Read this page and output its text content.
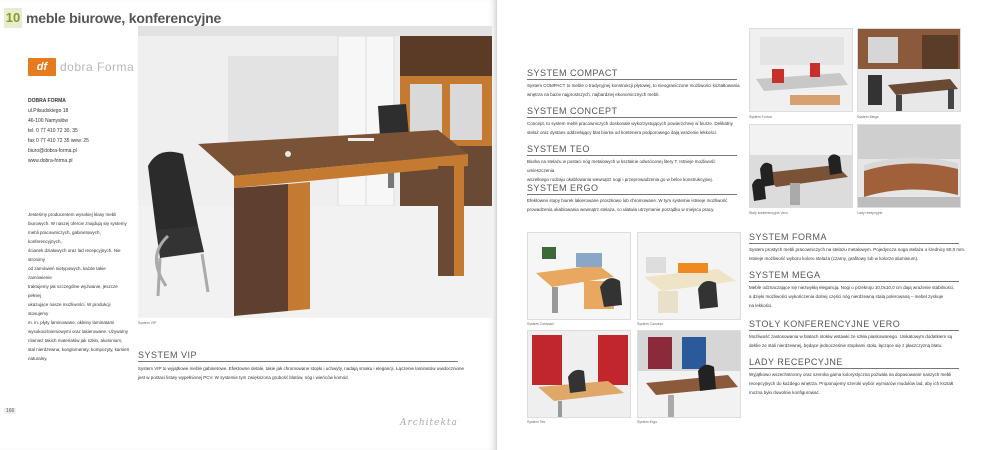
10 meble biurowe, konferencyjne
df	dobra Forma
DOBRA FORMA
ul.Piłsudskiego 18
46-100 Namysłów
tel. 0 77 410 72 30, 35
fax 0 77 410 72 35 wew. 25
biuro@dobra-forma.pl
www.dobra-forma.pl
Jesteśmy producentem wysokiej klasy mebli
biurowych. W naszej ofercie znajdują się systemy
mebli pracowniczych, gabinetowych, konferencyjnych,
ścianek działowych oraz lad recepcyjnych. Nie stronimy
od zamówień nietypowych, każde takie zamówienie
traktujemy jak szczególne wyzwanie, jeszcze pełniej
ukazujące nasze możliwości. W produkcji stosujemy
m. in. płyty laminowane, okleiny laminatami
wysokociśnieniowymi oraz lakierowane. Używamy
również takich materiałów jak szkło, aluminium,
stal nierdzewna, konglomeraty, kompozyty, kamień
naturalny.
System VIP
SYSTEM VIP
System VIP to wyjątkowe meble gabinetowe. Efektowne detale, takie jak chromowane stopki i uchwyty, nadają smaku i elegancji. Łączenie laminatów uwidocznione
jest w postaci listwy wypełnionej PCV. W systemie tym zwiększona grubość blatów, nóg i wieńców komód.
166
Architekta
SYSTEM COMPACT
System COMPACT to meble o tradycyjnej konstrukcji płytowej, to nieograniczone możliwości kształtowania
wnętrza na bazie najprostszych, najbardziej ekonomicznych mebli.
SYSTEM CONCEPT
Concept, to system mebli pracowniczych doskonale wykorzystujących powierzchnię w biurze. Delikatny
stelaż oraz dystans oddzielający blat biurka od kontenera podporowego dają wrażenie lekkości.
SYSTEM TEO
Biurka na stelażu w postaci nóg metalowych w kształcie odwróconej litery T. Istnieje możliwość umieszczenia
wszelkiego rodzaju okablowania wewnątrz nogi i przeprowadzenia go w belce konstrukcyjnej.
SYSTEM ERGO
Efektowne stopy biurek lakierowane proszkowo lub chromowane. W tym systemie istnieje możliwość
prowadzenia okablowania wewnątrz stelaża, co ułatwia utrzymanie porządku w miejscu pracy.
System Forma	System Mega
Stoły konferencyjne Vero	Lady recepcyjne
System Compact	System Concept
System Teo	System Ergo
SYSTEM FORMA
System prostych mebli pracowniczych na stelażu metalowym. Pojedyncza noga stelaża o średnicy 60,0 mm.
Istnieje możliwość wyboru koloru stelaża (czarny, grafitowy lub w kolorze aluminium).
SYSTEM MEGA
Meble odznaczające się niezwykłą elegancją. Nogi o przekroju 10,0x10,0 cm dają wrażenie stabilności,
a dzięki możliwości wykończenia dolnej części nóg nierdzewną stalą polerowaną – mebel zyskuje
na lekkości.
STOŁY KONFERENCYJNE VERO
Możliwość zastosowania w blatach stołów wstawki ze szkła piaskowanego. Unikatowym dodatkiem są
deklie ze stali nierdzewnej, będące jednocześnie stopkami stołu, łączące się z płaszczyzną blatu.
LADY RECEPCYJNE
Wyjątkowo wszechstronny oraz szeroka gama kolorystyczna pozwala na dopasowanie naszych mebli
recepcyjnych do każdego wnętrza. Proponujemy szeroki wybór wymiarów modułów lad, aby ich kształt
można było dowolnie konfigurować.
